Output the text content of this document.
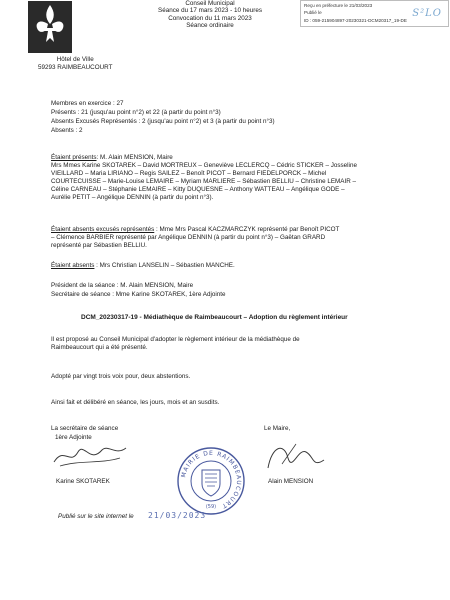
Conseil Municipal
Séance du 17 mars 2023 - 10 heures
Convocation du 11 mars 2023
Séance ordinaire
Reçu en préfecture le 21/03/2023
Publié le
ID : 059-215904897-20230321-DCM20317_19-DE
S²LO
Hôtel de Ville
59293 RAIMBEAUCOURT
Membres en exercice : 27
Présents : 21 (jusqu'au point n°2) et 22 (à partir du point n°3)
Absents Excusés Représentés : 2 (jusqu'au point n°2) et 3 (à partir du point n°3)
Absents : 2
Étaient présents: M. Alain MENSION, Maire
Mrs Mmes Karine SKOTAREK – David MORTREUX – Geneviève LECLERCQ – Cédric STICKER – Josseline
VIEILLARD – Maria LIRIANO – Regis SAILEZ – Benoît PICOT – Bernard FIEDELPORCK – Michel
COURTECUISSE – Marie-Louise LEMAIRE – Myriam MARLIERE – Sébastien BELLIU – Christine LEMAIR –
Céline CARNEAU – Stéphanie LEMAIRE – Kitty DUQUESNE – Anthony WATTEAU – Angélique GODE –
Aurélie PETIT – Angélique DENNIN (à partir du point n°3).
Étaient absents excusés représentés : Mme Mrs Pascal KACZMARCZYK représenté par Benoît PICOT
– Clémence BARBIER représenté par Angélique DENNIN (à partir du point n°3) – Gaëtan GRARD
représenté par Sébastien BELLIU.
Étaient absents : Mrs Christian LANSELIN – Sébastien MANCHE.
Président de la séance : M. Alain MENSION, Maire
Secrétaire de séance : Mme Karine SKOTAREK, 1ère Adjointe
DCM_20230317-19 - Médiathèque de Raimbeaucourt – Adoption du règlement intérieur
Il est proposé au Conseil Municipal d'adopter le règlement intérieur de la médiathèque de
Raimbeaucourt qui a été présenté.
Adopté par vingt trois voix pour, deux abstentions.
Ainsi fait et délibéré en séance, les jours, mois et an susdits.
La secrétaire de séance
1ère Adjointe
Karine SKOTAREK
Le Maire,
Alain MENSION
MAIRIE DE RAIMBEAUCOURT
(59)
Publié sur le site internet le 21/03/2023
